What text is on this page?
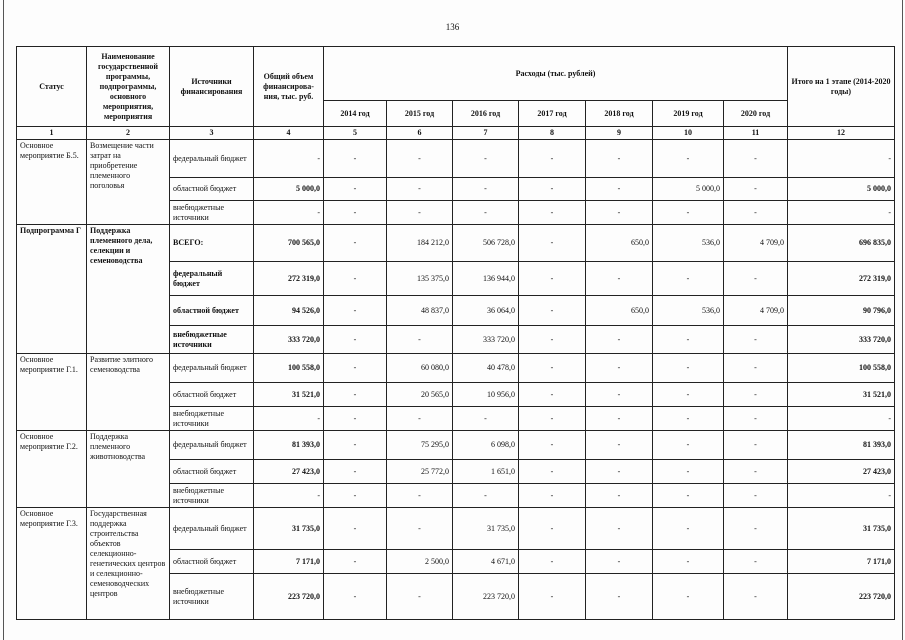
136
Статус	Наименование государственной программы, подпрограммы, основного мероприятия, мероприятия	Источники финансирования	Общий объем финансирова-ния, тыс. руб.	Расходы (тыс. рублей)							Итого на 1 этапе (2014-2020 годы)
				2014 год	2015 год	2016 год	2017 год	2018 год	2019 год	2020 год	
1	2	3	4	5	6	7	8	9	10	11	12
Основное мероприятие Б.5.	Возмещение части затрат на приобретение племенного поголовья	федеральный бюджет	-	-	-	-	-	-	-	-	-
		областной бюджет	5 000,0	-	-	-	-	-	5 000,0	-	5 000,0
		внебюджетные источники	-	-	-	-	-	-	-	-	-
Подпрограмма Г	Поддержка племенного дела, селекции и семеноводства	ВСЕГО:	700 565,0	-	184 212,0	506 728,0	-	650,0	536,0	4 709,0	696 835,0
		федеральный бюджет	272 319,0	-	135 375,0	136 944,0	-	-	-	-	272 319,0
		областной бюджет	94 526,0	-	48 837,0	36 064,0	-	650,0	536,0	4 709,0	90 796,0
		внебюджетные источники	333 720,0	-	-	333 720,0	-	-	-	-	333 720,0
Основное мероприятие Г.1.	Развитие элитного семеноводства	федеральный бюджет	100 558,0	-	60 080,0	40 478,0	-	-	-	-	100 558,0
		областной бюджет	31 521,0	-	20 565,0	10 956,0	-	-	-	-	31 521,0
		внебюджетные источники	-	-	-	-	-	-	-	-	-
Основное мероприятие Г.2.	Поддержка племенного животноводства	федеральный бюджет	81 393,0	-	75 295,0	6 098,0	-	-	-	-	81 393,0
		областной бюджет	27 423,0	-	25 772,0	1 651,0	-	-	-	-	27 423,0
		внебюджетные источники	-	-	-	-	-	-	-	-	-
Основное мероприятие Г.3.	Государственная поддержка строительства объектов селекционно-генетических центров и селекционно-семеноводческих центров	федеральный бюджет	31 735,0	-	-	31 735,0	-	-	-	-	31 735,0
		областной бюджет	7 171,0	-	2 500,0	4 671,0	-	-	-	-	7 171,0
		внебюджетные источники	223 720,0	-	-	223 720,0	-	-	-	-	223 720,0
